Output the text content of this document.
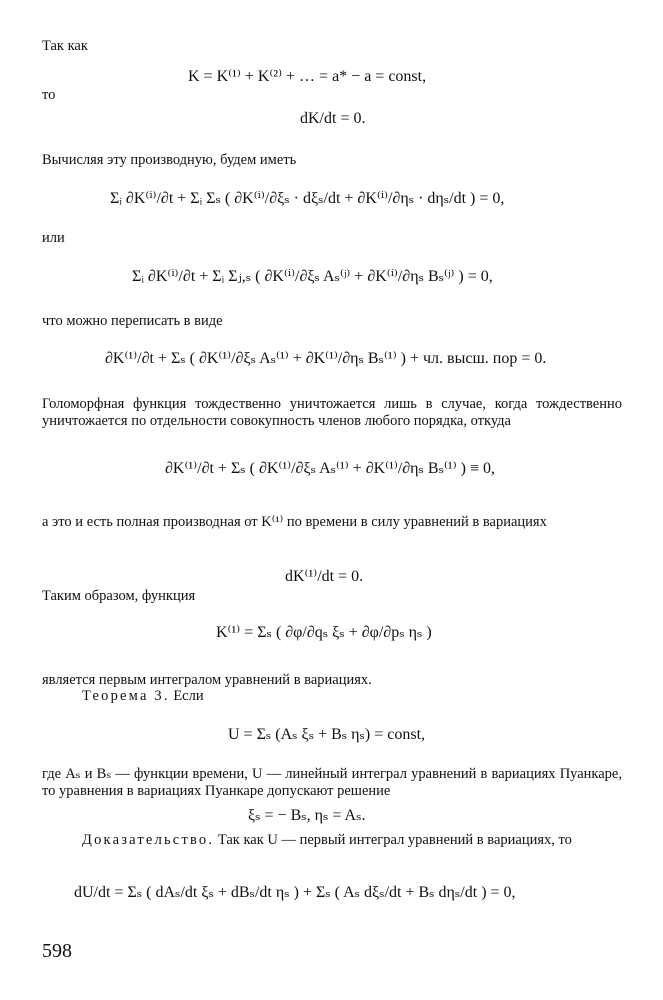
Так как
K = K⁽¹⁾ + K⁽²⁾ + … = a* − a = const,
то
dK/dt = 0.
Вычисляя эту производную, будем иметь
Σᵢ ∂K⁽ⁱ⁾/∂t + Σᵢ Σₛ ( ∂K⁽ⁱ⁾/∂ξₛ · dξₛ/dt + ∂K⁽ⁱ⁾/∂ηₛ · dηₛ/dt ) = 0,
или
Σᵢ ∂K⁽ⁱ⁾/∂t + Σᵢ Σⱼ,ₛ ( ∂K⁽ⁱ⁾/∂ξₛ Aₛ⁽ʲ⁾ + ∂K⁽ⁱ⁾/∂ηₛ Bₛ⁽ʲ⁾ ) = 0,
что можно переписать в виде
∂K⁽¹⁾/∂t + Σₛ ( ∂K⁽¹⁾/∂ξₛ Aₛ⁽¹⁾ + ∂K⁽¹⁾/∂ηₛ Bₛ⁽¹⁾ ) + чл. высш. пор = 0.
Голоморфная функция тождественно уничтожается лишь в случае, когда тождественно уничтожается по отдельности совокупность членов любого порядка, откуда
∂K⁽¹⁾/∂t + Σₛ ( ∂K⁽¹⁾/∂ξₛ Aₛ⁽¹⁾ + ∂K⁽¹⁾/∂ηₛ Bₛ⁽¹⁾ ) ≡ 0,
а это и есть полная производная от K⁽¹⁾ по времени в силу уравнений в вариациях
dK⁽¹⁾/dt = 0.
Таким образом, функция
K⁽¹⁾ = Σₛ ( ∂φ/∂qₛ ξₛ + ∂φ/∂pₛ ηₛ )
является первым интегралом уравнений в вариациях.
Теорема 3. Если
U = Σₛ (Aₛ ξₛ + Bₛ ηₛ) = const,
где Aₛ и Bₛ — функции времени, U — линейный интеграл уравнений в вариациях Пуанкаре, то уравнения в вариациях Пуанкаре допускают решение
ξₛ = − Bₛ, ηₛ = Aₛ.
Доказательство. Так как U — первый интеграл уравнений в вариациях, то
dU/dt = Σₛ ( dAₛ/dt ξₛ + dBₛ/dt ηₛ ) + Σₛ ( Aₛ dξₛ/dt + Bₛ dηₛ/dt ) = 0,
598
